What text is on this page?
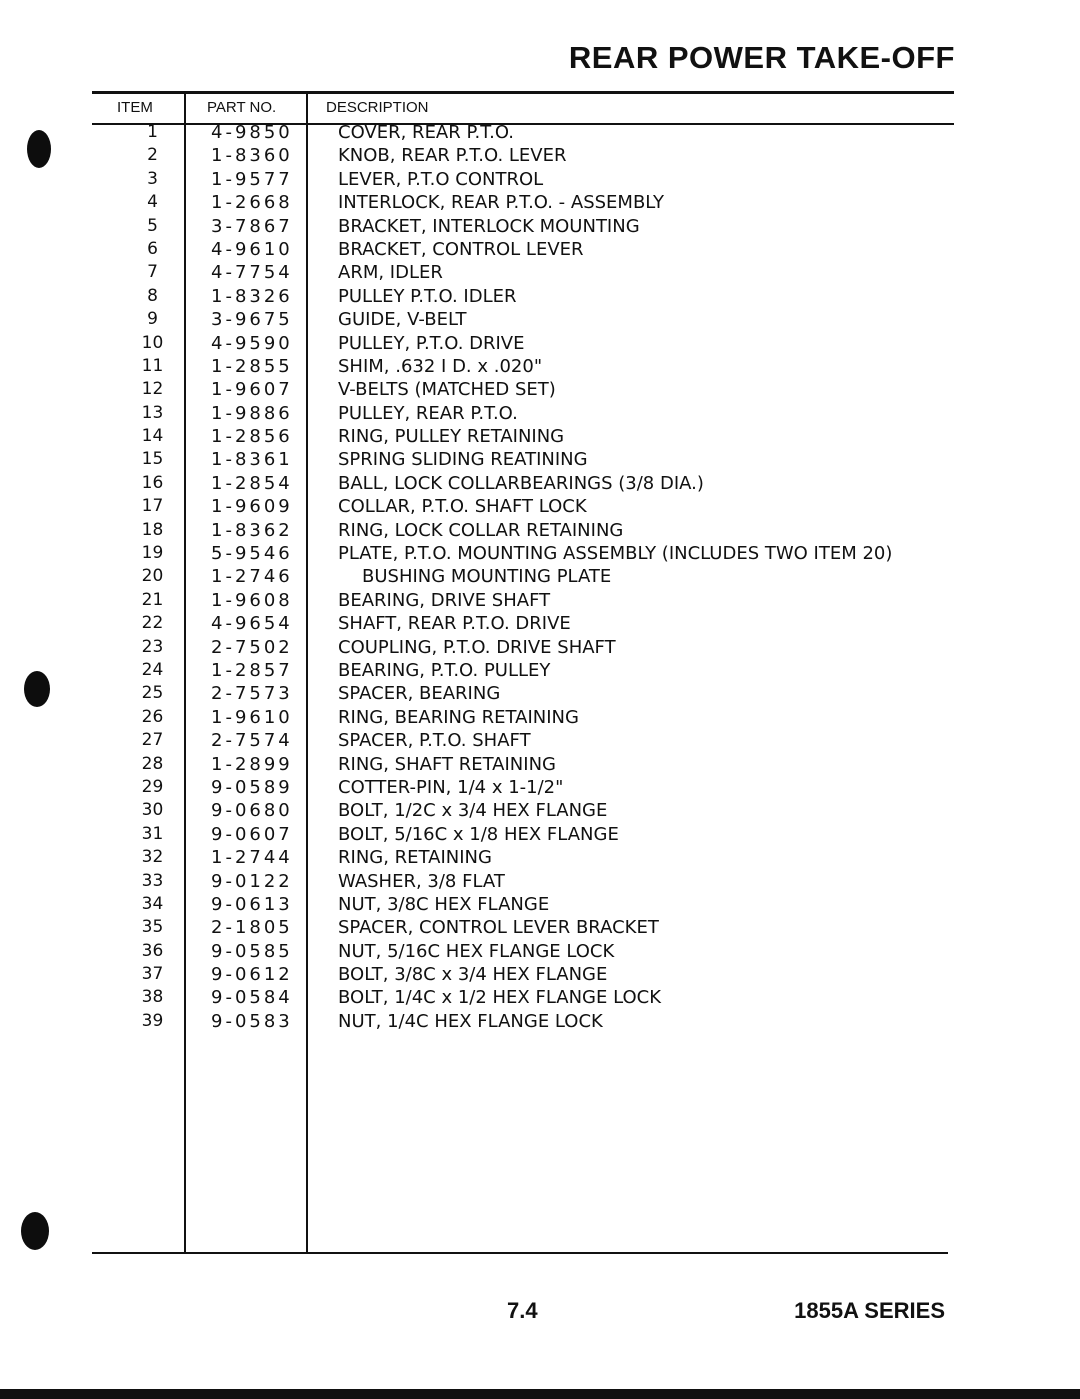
REAR POWER TAKE-OFF
ITEM	PART NO.	DESCRIPTION
1	4-9850	COVER, REAR P.T.O.
2	1-8360	KNOB, REAR P.T.O. LEVER
3	1-9577	LEVER, P.T.O CONTROL
4	1-2668	INTERLOCK, REAR P.T.O. - ASSEMBLY
5	3-7867	BRACKET, INTERLOCK MOUNTING
6	4-9610	BRACKET, CONTROL LEVER
7	4-7754	ARM, IDLER
8	1-8326	PULLEY P.T.O. IDLER
9	3-9675	GUIDE, V-BELT
10	4-9590	PULLEY, P.T.O. DRIVE
11	1-2855	SHIM, .632 I D. x .020"
12	1-9607	V-BELTS (MATCHED SET)
13	1-9886	PULLEY, REAR P.T.O.
14	1-2856	RING, PULLEY RETAINING
15	1-8361	SPRING SLIDING REATINING
16	1-2854	BALL, LOCK COLLARBEARINGS (3/8 DIA.)
17	1-9609	COLLAR, P.T.O. SHAFT LOCK
18	1-8362	RING, LOCK COLLAR RETAINING
19	5-9546	PLATE, P.T.O. MOUNTING ASSEMBLY (INCLUDES TWO ITEM 20)
20	1-2746	BUSHING MOUNTING PLATE
21	1-9608	BEARING, DRIVE SHAFT
22	4-9654	SHAFT, REAR P.T.O. DRIVE
23	2-7502	COUPLING, P.T.O. DRIVE SHAFT
24	1-2857	BEARING, P.T.O. PULLEY
25	2-7573	SPACER, BEARING
26	1-9610	RING, BEARING RETAINING
27	2-7574	SPACER, P.T.O. SHAFT
28	1-2899	RING, SHAFT RETAINING
29	9-0589	COTTER-PIN, 1/4 x 1-1/2"
30	9-0680	BOLT, 1/2C x 3/4 HEX FLANGE
31	9-0607	BOLT, 5/16C x 1/8 HEX FLANGE
32	1-2744	RING, RETAINING
33	9-0122	WASHER, 3/8 FLAT
34	9-0613	NUT, 3/8C HEX FLANGE
35	2-1805	SPACER, CONTROL LEVER BRACKET
36	9-0585	NUT, 5/16C HEX FLANGE LOCK
37	9-0612	BOLT, 3/8C x 3/4 HEX FLANGE
38	9-0584	BOLT, 1/4C x 1/2 HEX FLANGE LOCK
39	9-0583	NUT, 1/4C HEX FLANGE LOCK
7.4	1855A SERIES
